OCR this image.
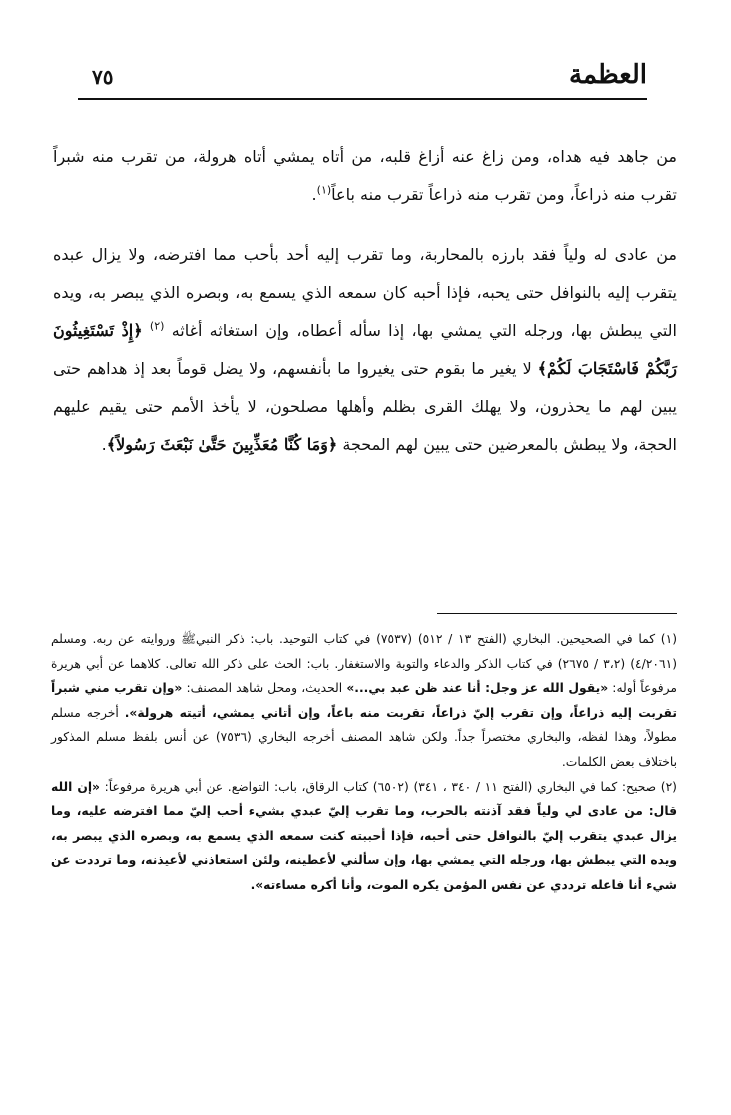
العظمة
٧٥

من جاهد فيه هداه، ومن زاغ عنه أزاغ قلبه، من أتاه يمشي أتاه هرولة، من تقرب منه شبراً تقرب منه ذراعاً، ومن تقرب منه ذراعاً تقرب منه باعاً$^{(١)}$.

من عادى له ولياً فقد بارزه بالمحاربة، وما تقرب إليه أحد بأحب مما افترضه، ولا يزال عبده يتقرب إليه بالنوافل حتى يحبه، فإذا أحبه كان سمعه الذي يسمع به، وبصره الذي يبصر به، ويده التي يبطش بها، ورجله التي يمشي بها، إذا سأله أعطاه، وإن استغاثه أغاثه $^{(٢)}$ ﴿إِذْ تَسْتَغِيثُونَ رَبَّكُمْ فَاسْتَجَابَ لَكُمْ﴾ لا يغير ما بقوم حتى يغيروا ما بأنفسهم، ولا يضل قوماً بعد إذ هداهم حتى يبين لهم ما يحذرون، ولا يهلك القرى بظلم وأهلها مصلحون، لا يأخذ الأمم حتى يقيم عليهم الحجة، ولا يبطش بالمعرضين حتى يبين لهم المحجة ﴿وَمَا كُنَّا مُعَذِّبِينَ حَتَّىٰ نَبْعَثَ رَسُولاً﴾.

(١) كما في الصحيحين. البخاري (الفتح ١٣ / ٥١٢) (٧٥٣٧) في كتاب التوحيد. باب: ذكر النبيﷺ وروايته عن ربه. ومسلم (٤/٢٠٦١) (٣،٢ / ٢٦٧٥) في كتاب الذكر والدعاء والتوبة والاستغفار. باب: الحث على ذكر الله تعالى. كلاهما عن أبي هريرة مرفوعاً أوله: «يقول الله عز وجل: أنا عند ظن عبد بي...» الحديث، ومحل شاهد المصنف: «وإن تقرب مني شبراً تقربت إليه ذراعاً، وإن تقرب إليّ ذراعاً، تقربت منه باعاً، وإن أتاني يمشي، أتيته هرولة». أخرجه مسلم مطولاً، وهذا لفظه، والبخاري مختصراً جداً. ولكن شاهد المصنف أخرجه البخاري (٧٥٣٦) عن أنس بلفظ مسلم المذكور باختلاف بعض الكلمات.

(٢) صحيح: كما في البخاري (الفتح ١١ / ٣٤٠ ، ٣٤١) (٦٥٠٢) كتاب الرقاق، باب: التواضع. عن أبي هريرة مرفوعاً: «إن الله قال: من عادى لي ولياً فقد آذنته بالحرب، وما تقرب إليّ عبدي بشيء أحب إليّ مما افترضه عليه، وما يزال عبدي يتقرب إليّ بالنوافل حتى أحبه، فإذا أحببته كنت سمعه الذي يسمع به، وبصره الذي يبصر به، ويده التي يبطش بها، ورجله التي يمشي بها، وإن سألني لأعطينه، ولئن استعاذني لأعيذنه، وما ترددت عن شيء أنا فاعله ترددي عن نفس المؤمن يكره الموت، وأنا أكره مساءته».
